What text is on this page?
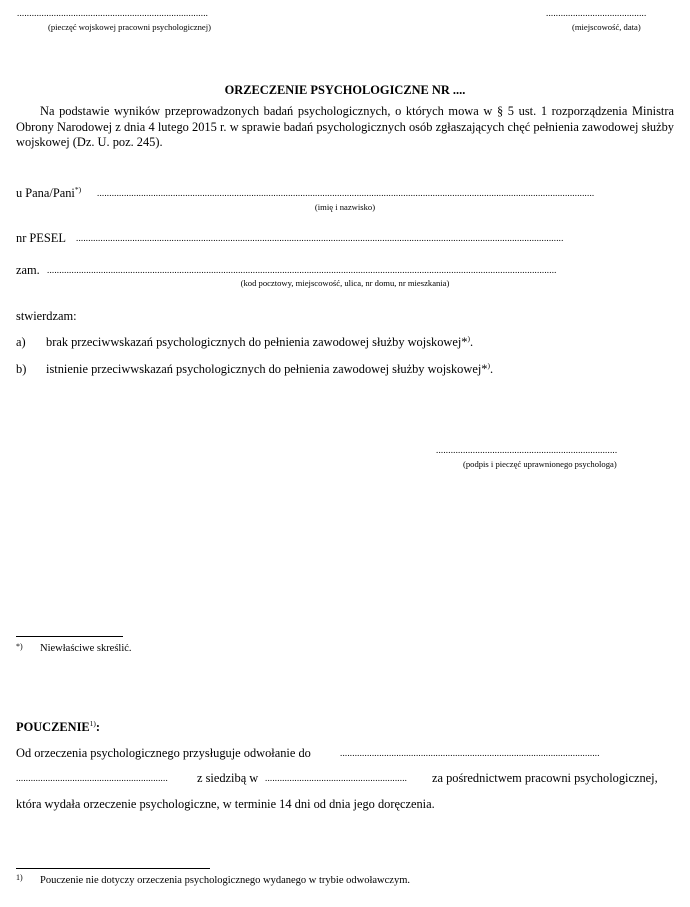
..............................................................................
(pieczęć wojskowej pracowni psychologicznej)
.........................................
(miejscowość, data)
ORZECZENIE PSYCHOLOGICZNE NR ....
Na podstawie wyników przeprowadzonych badań psychologicznych, o których mowa w § 5 ust. 1 rozporządzenia Ministra Obrony Narodowej z dnia 4 lutego 2015 r. w sprawie badań psychologicznych osób zgłaszających chęć pełnienia zawodowej służby wojskowej (Dz. U. poz. 245).
u Pana/Pani*) ...........................................................................................................................................................................................................
(imię i nazwisko)
nr PESEL .......................................................................................................................................................................................................
zam. ................................................................................................................................................................................................................
(kod pocztowy, miejscowość, ulica, nr domu, nr mieszkania)
stwierdzam:
a) brak przeciwwskazań psychologicznych do pełnienia zawodowej służby wojskowej*).
b) istnienie przeciwwskazań psychologicznych do pełnienia zawodowej służby wojskowej*).
..........................................................................
(podpis i pieczęć uprawnionego psychologa)
*) Niewłaściwe skreślić.
POUCZENIE$^{1)}$:
Od orzeczenia psychologicznego przysługuje odwołanie do	..........................................................................................................
.............................................................. z siedzibą w .......................................................... za pośrednictwem pracowni psychologicznej,
która wydała orzeczenie psychologiczne, w terminie 14 dni od dnia jego doręczenia.
$^{1)}$ Pouczenie nie dotyczy orzeczenia psychologicznego wydanego w trybie odwoławczym.
